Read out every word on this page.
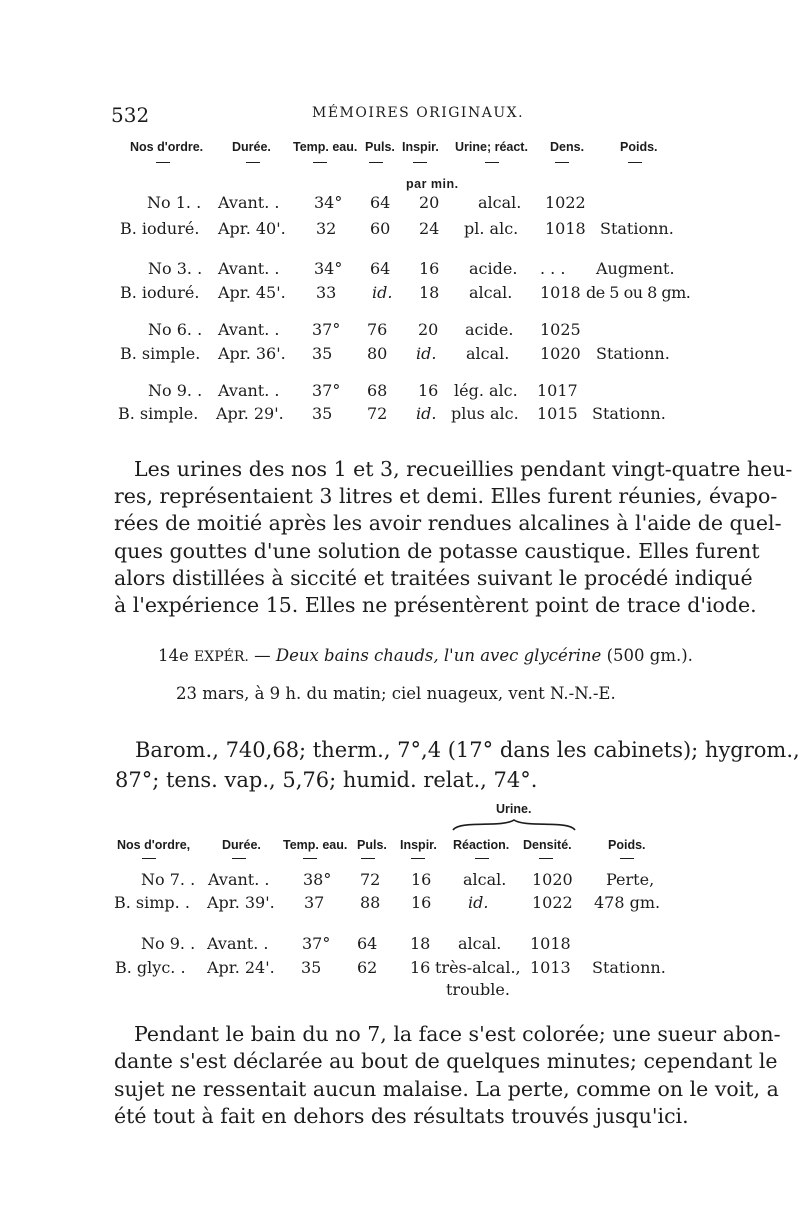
532	MÉMOIRES ORIGINAUX.
Nos d'ordre. Durée. Temp. eau. Puls. Inspir. Urine; réact. Dens.	Poids.
par min.
No 1. . Avant. . 34° 64 20 alcal. 1022
B. ioduré. Apr. 40'. 32 60 24 pl. alc. 1018 Stationn.
No 3. . Avant. . 34° 64 16 acide. . . . Augment.
B. ioduré. Apr. 45'. 33 id. 18 alcal. 1018 de 5 ou 8 gm.
No 6. . Avant. . 37° 76 20 acide. 1025
B. simple. Apr. 36'. 35 80 id. alcal. 1020 Stationn.
No 9. . Avant. . 37° 68 16 lég. alc. 1017
B. simple. Apr. 29'. 35 72 id. plus alc. 1015 Stationn.
Les urines des nos 1 et 3, recueillies pendant vingt-quatre heu-
res, représentaient 3 litres et demi. Elles furent réunies, évapo-
rées de moitié après les avoir rendues alcalines à l'aide de quel-
ques gouttes d'une solution de potasse caustique. Elles furent
alors distillées à siccité et traitées suivant le procédé indiqué
à l'expérience 15. Elles ne présentèrent point de trace d'iode.
14e EXPÉR. — Deux bains chauds, l'un avec glycérine (500 gm.).
23 mars, à 9 h. du matin; ciel nuageux, vent N.-N.-E.
Barom., 740,68; therm., 7°,4 (17° dans les cabinets); hygrom.,
87°; tens. vap., 5,76; humid. relat., 74°.
Urine.
Nos d'ordre,	Durée. Temp. eau. Puls. Inspir. Réaction. Densité.	Poids.
No 7. . Avant. . 38° 72 16 alcal. 1020 Perte,
B. simp. . Apr. 39'. 37 88 16 id.	1022 478 gm.
No 9. . Avant. . 37° 64 18 alcal. 1018
B. glyc. . Apr. 24'. 35 62 16 très-alcal., 1013 Stationn.
trouble.
Pendant le bain du no 7, la face s'est colorée; une sueur abon-
dante s'est déclarée au bout de quelques minutes; cependant le
sujet ne ressentait aucun malaise. La perte, comme on le voit, a
été tout à fait en dehors des résultats trouvés jusqu'ici.
